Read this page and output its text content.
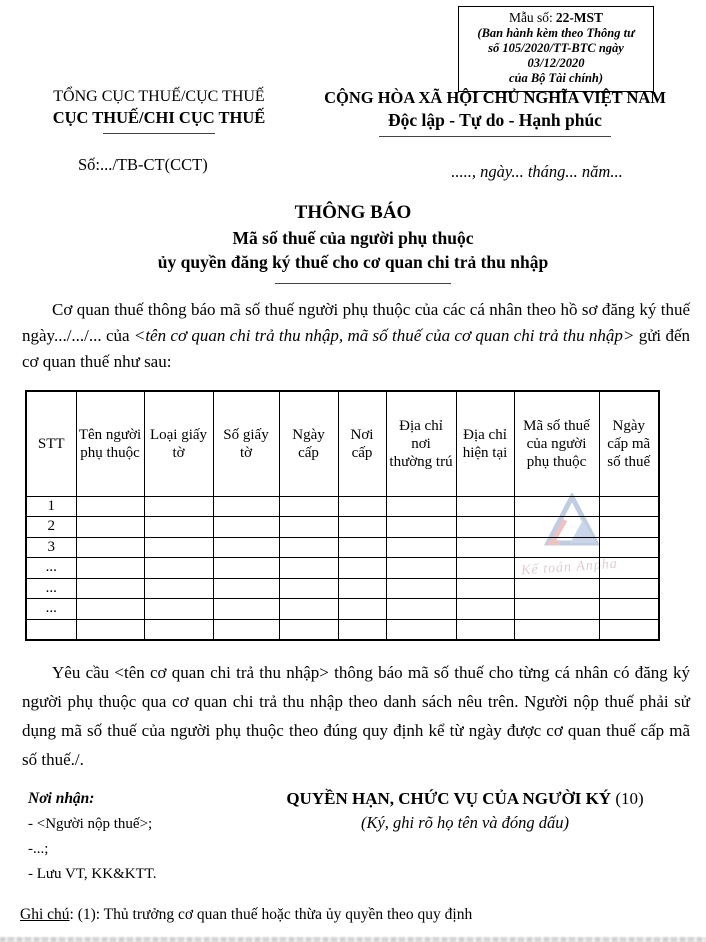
Mẫu số: 22-MST
(Ban hành kèm theo Thông tư
số 105/2020/TT-BTC ngày 03/12/2020
của Bộ Tài chính)
TỔNG CỤC THUẾ/CỤC THUẾ
CỤC THUẾ/CHI CỤC THUẾ
Số:.../TB-CT(CCT)
CỘNG HÒA XÃ HỘI CHỦ NGHĨA VIỆT NAM
Độc lập - Tự do - Hạnh phúc
....., ngày... tháng... năm...
THÔNG BÁO
Mã số thuế của người phụ thuộc
ủy quyền đăng ký thuế cho cơ quan chi trả thu nhập
Cơ quan thuế thông báo mã số thuế người phụ thuộc của các cá nhân theo hồ sơ đăng ký thuế ngày.../.../... của <tên cơ quan chi trả thu nhập, mã số thuế của cơ quan chi trả thu nhập> gửi đến cơ quan thuế như sau:
Kế toán Anpha
STT	Tên người phụ thuộc	Loại giấy tờ	Số giấy tờ	Ngày cấp	Nơi cấp	Địa chỉ nơi thường trú	Địa chỉ hiện tại	Mã số thuế của người phụ thuộc	Ngày cấp mã số thuế
1									
2									
3									
...									
...									
...									

Yêu cầu <tên cơ quan chi trả thu nhập> thông báo mã số thuế cho từng cá nhân có đăng ký người phụ thuộc qua cơ quan chi trả thu nhập theo danh sách nêu trên. Người nộp thuế phải sử dụng mã số thuế của người phụ thuộc theo đúng quy định kể từ ngày được cơ quan thuế cấp mã số thuế./.
Nơi nhận:
- <Người nộp thuế>;
-...;
- Lưu VT, KK&KTT.
QUYỀN HẠN, CHỨC VỤ CỦA NGƯỜI KÝ (10)
(Ký, ghi rõ họ tên và đóng dấu)
Ghi chú: (1): Thủ trưởng cơ quan thuế hoặc thừa ủy quyền theo quy định
